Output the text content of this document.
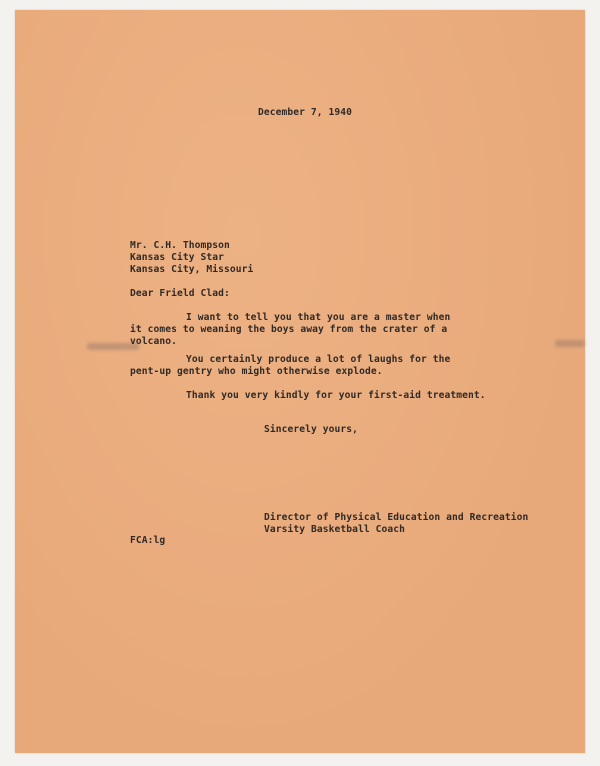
December 7, 1940
Mr. C.H. Thompson
Kansas City Star
Kansas City, Missouri
Dear Frield Clad:
I want to tell you that you are a master when
it comes to weaning the boys away from the crater of a
volcano.
You certainly produce a lot of laughs for the
pent-up gentry who might otherwise explode.
Thank you very kindly for your first-aid treatment.
Sincerely yours,
Director of Physical Education and Recreation
Varsity Basketball Coach
FCA:lg
